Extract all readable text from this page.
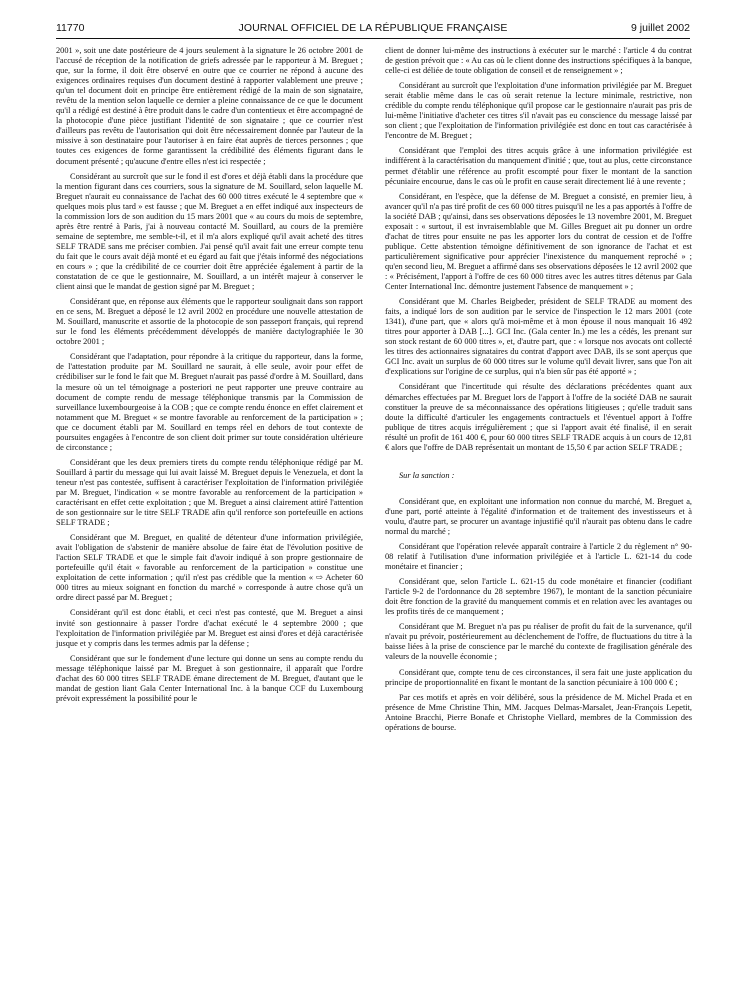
11770	JOURNAL OFFICIEL DE LA RÉPUBLIQUE FRANÇAISE	9 juillet 2002

2001 », soit une date postérieure de 4 jours seulement à la signature le 26 octobre 2001 de l'accusé de réception de la notification de griefs adressée par le rapporteur à M. Breguet ; que, sur la forme, il doit être observé en outre que ce courrier ne répond à aucune des exigences ordinaires requises d'un document destiné à rapporter valablement une preuve ; qu'un tel document doit en principe être entièrement rédigé de la main de son signataire, revêtu de la mention selon laquelle ce dernier a pleine connaissance de ce que le document qu'il a rédigé est destiné à être produit dans le cadre d'un contentieux et être accompagné de la photocopie d'une pièce justifiant l'identité de son signataire ; que ce courrier n'est d'ailleurs pas revêtu de l'autorisation qui doit être nécessairement donnée par l'auteur de la missive à son destinataire pour l'autoriser à en faire état auprès de tierces personnes ; que toutes ces exigences de forme garantissent la crédibilité des éléments figurant dans le document présenté ; qu'aucune d'entre elles n'est ici respectée ;

Considérant au surcroît que sur le fond il est d'ores et déjà établi dans la procédure que la mention figurant dans ces courriers, sous la signature de M. Souillard, selon laquelle M. Breguet n'aurait eu connaissance de l'achat des 60 000 titres exécuté le 4 septembre que « quelques mois plus tard » est fausse ; que M. Breguet a en effet indiqué aux inspecteurs de la commission lors de son audition du 15 mars 2001 que « au cours du mois de septembre, après être rentré à Paris, j'ai à nouveau contacté M. Souillard, au cours de la première semaine de septembre, me semble-t-il, et il m'a alors expliqué qu'il avait acheté des titres SELF TRADE sans me préciser combien. J'ai pensé qu'il avait fait une erreur compte tenu du fait que le cours avait déjà monté et eu égard au fait que j'étais informé des négociations en cours » ; que la crédibilité de ce courrier doit être appréciée également à partir de la constatation de ce que le gestionnaire, M. Souillard, a un intérêt majeur à conserver le client ainsi que le mandat de gestion signé par M. Breguet ;

Considérant que, en réponse aux éléments que le rapporteur soulignait dans son rapport en ce sens, M. Breguet a déposé le 12 avril 2002 en procédure une nouvelle attestation de M. Souillard, manuscrite et assortie de la photocopie de son passeport français, qui reprend sur le fond les éléments précédemment développés de manière dactylographiée le 30 octobre 2001 ;

Considérant que l'adaptation, pour répondre à la critique du rapporteur, dans la forme, de l'attestation produite par M. Souillard ne saurait, à elle seule, avoir pour effet de crédibiliser sur le fond le fait que M. Breguet n'aurait pas passé d'ordre à M. Souillard, dans la mesure où un tel témoignage a posteriori ne peut rapporter une preuve contraire au document de compte rendu de message téléphonique transmis par la Commission de surveillance luxembourgeoise à la COB ; que ce compte rendu énonce en effet clairement et notamment que M. Breguet « se montre favorable au renforcement de la participation » ; que ce document établi par M. Souillard en temps réel en dehors de tout contexte de poursuites engagées à l'encontre de son client doit primer sur toute considération ultérieure de circonstance ;

Considérant que les deux premiers tirets du compte rendu téléphonique rédigé par M. Souillard à partir du message qui lui avait laissé M. Breguet depuis le Venezuela, et dont la teneur n'est pas contestée, suffisent à caractériser l'exploitation de l'information privilégiée par M. Breguet, l'indication « se montre favorable au renforcement de la participation » caractérisant en effet cette exploitation ; que M. Breguet a ainsi clairement attiré l'attention de son gestionnaire sur le titre SELF TRADE afin qu'il renforce son portefeuille en actions SELF TRADE ;

Considérant que M. Breguet, en qualité de détenteur d'une information privilégiée, avait l'obligation de s'abstenir de manière absolue de faire état de l'évolution positive de l'action SELF TRADE et que le simple fait d'avoir indiqué à son propre gestionnaire de portefeuille qu'il était « favorable au renforcement de la participation » constitue une exploitation de cette information ; qu'il n'est pas crédible que la mention « ⇨ Acheter 60 000 titres au mieux soignant en fonction du marché » corresponde à autre chose qu'à un ordre direct passé par M. Breguet ;

Considérant qu'il est donc établi, et ceci n'est pas contesté, que M. Breguet a ainsi invité son gestionnaire à passer l'ordre d'achat exécuté le 4 septembre 2000 ; que l'exploitation de l'information privilégiée par M. Breguet est ainsi d'ores et déjà caractérisée jusque et y compris dans les termes admis par la défense ;

Considérant que sur le fondement d'une lecture qui donne un sens au compte rendu du message téléphonique laissé par M. Breguet à son gestionnaire, il apparaît que l'ordre d'achat des 60 000 titres SELF TRADE émane directement de M. Breguet, d'autant que le mandat de gestion liant Gala Center International Inc. à la banque CCF du Luxembourg prévoit expressément la possibilité pour le

client de donner lui-même des instructions à exécuter sur le marché : l'article 4 du contrat de gestion prévoit que : « Au cas où le client donne des instructions spécifiques à la banque, celle-ci est déliée de toute obligation de conseil et de renseignement » ;

Considérant au surcroît que l'exploitation d'une information privilégiée par M. Breguet serait établie même dans le cas où serait retenue la lecture minimale, restrictive, non crédible du compte rendu téléphonique qu'il propose car le gestionnaire n'aurait pas pris de lui-même l'initiative d'acheter ces titres s'il n'avait pas eu conscience du message laissé par son client ; que l'exploitation de l'information privilégiée est donc en tout cas caractérisée à l'encontre de M. Breguet ;

Considérant que l'emploi des titres acquis grâce à une information privilégiée est indifférent à la caractérisation du manquement d'initié ; que, tout au plus, cette circonstance permet d'établir une référence au profit escompté pour fixer le montant de la sanction pécuniaire encourue, dans le cas où le profit en cause serait directement lié à une revente ;

Considérant, en l'espèce, que la défense de M. Breguet a consisté, en premier lieu, à avancer qu'il n'a pas tiré profit de ces 60 000 titres puisqu'il ne les a pas apportés à l'offre de la société DAB ; qu'ainsi, dans ses observations déposées le 13 novembre 2001, M. Breguet exposait : « surtout, il est invraisemblable que M. Gilles Breguet ait pu donner un ordre d'achat de titres pour ensuite ne pas les apporter lors du contrat de cession et de l'offre publique. Cette abstention témoigne définitivement de son ignorance de l'achat et est particulièrement significative pour apprécier l'inexistence du manquement reproché » ; qu'en second lieu, M. Breguet a affirmé dans ses observations déposées le 12 avril 2002 que : « Précisément, l'apport à l'offre de ces 60 000 titres avec les autres titres détenus par Gala Center International Inc. démontre justement l'absence de manquement » ;

Considérant que M. Charles Beigbeder, président de SELF TRADE au moment des faits, a indiqué lors de son audition par le service de l'inspection le 12 mars 2001 (cote 1341), d'une part, que « alors qu'à moi-même et à mon épouse il nous manquait 16 492 titres pour apporter à DAB [...]. GCI Inc. (Gala center In.) me les a cédés, les prenant sur son stock restant de 60 000 titres », et, d'autre part, que : « lorsque nos avocats ont collecté les titres des actionnaires signataires du contrat d'apport avec DAB, ils se sont aperçus que GCI Inc. avait un surplus de 60 000 titres sur le volume qu'il devait livrer, sans que l'on ait d'explications sur l'origine de ce surplus, qui n'a bien sûr pas été apporté » ;

Considérant que l'incertitude qui résulte des déclarations précédentes quant aux démarches effectuées par M. Breguet lors de l'apport à l'offre de la société DAB ne saurait constituer la preuve de sa méconnaissance des opérations litigieuses ; qu'elle traduit sans doute la difficulté d'articuler les engagements contractuels et l'éventuel apport à l'offre publique de titres acquis irrégulièrement ; que si l'apport avait été finalisé, il en serait résulté un profit de 161 400 €, pour 60 000 titres SELF TRADE acquis à un cours de 12,81 € alors que l'offre de DAB représentait un montant de 15,50 € par action SELF TRADE ;

Sur la sanction :

Considérant que, en exploitant une information non connue du marché, M. Breguet a, d'une part, porté atteinte à l'égalité d'information et de traitement des investisseurs et à voulu, d'autre part, se procurer un avantage injustifié qu'il n'aurait pas obtenu dans le cadre normal du marché ;

Considérant que l'opération relevée apparaît contraire à l'article 2 du règlement n° 90-08 relatif à l'utilisation d'une information privilégiée et à l'article L. 621-14 du code monétaire et financier ;

Considérant que, selon l'article L. 621-15 du code monétaire et financier (codifiant l'article 9-2 de l'ordonnance du 28 septembre 1967), le montant de la sanction pécuniaire doit être fonction de la gravité du manquement commis et en relation avec les avantages ou les profits tirés de ce manquement ;

Considérant que M. Breguet n'a pas pu réaliser de profit du fait de la survenance, qu'il n'avait pu prévoir, postérieurement au déclenchement de l'offre, de fluctuations du titre à la baisse liées à la prise de conscience par le marché du contexte de fragilisation générale des valeurs de la nouvelle économie ;

Considérant que, compte tenu de ces circonstances, il sera fait une juste application du principe de proportionnalité en fixant le montant de la sanction pécuniaire à 100 000 € ;

Par ces motifs et après en voir délibéré, sous la présidence de M. Michel Prada et en présence de Mme Christine Thin, MM. Jacques Delmas-Marsalet, Jean-François Lepetit, Antoine Bracchi, Pierre Bonafe et Christophe Viellard, membres de la Commission des opérations de bourse.
